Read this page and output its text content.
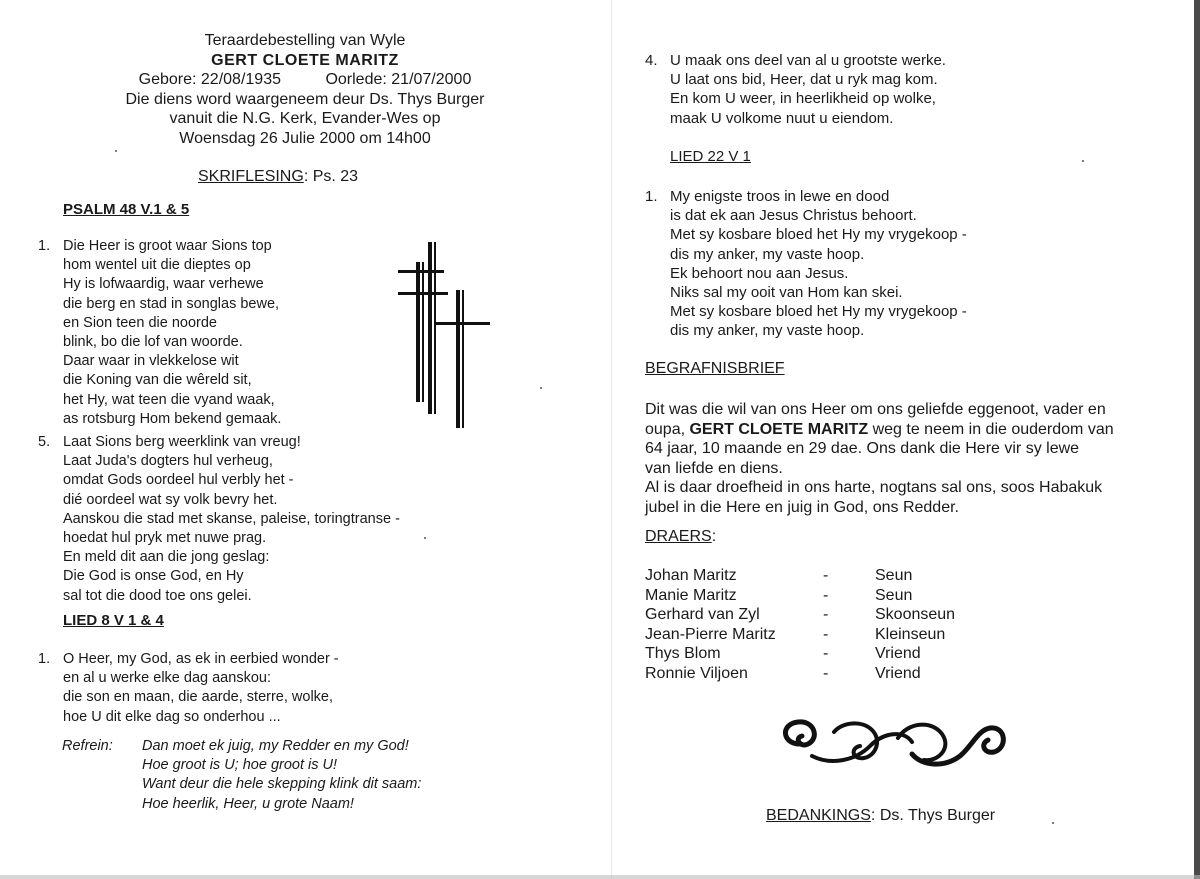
Teraardebestelling van Wyle
GERT CLOETE MARITZ
Gebore: 22/08/1935	Oorlede: 21/07/2000
Die diens word waargeneem deur Ds. Thys Burger
vanuit die N.G. Kerk, Evander-Wes op
Woensdag 26 Julie 2000 om 14h00
SKRIFLESING: Ps. 23
PSALM 48 V.1 & 5
1. Die Heer is groot waar Sions top
hom wentel uit die dieptes op
Hy is lofwaardig, waar verhewe
die berg en stad in songlas bewe,
en Sion teen die noorde
blink, bo die lof van woorde.
Daar waar in vlekkelose wit
die Koning van die wêreld sit,
het Hy, wat teen die vyand waak,
as rotsburg Hom bekend gemaak.
5. Laat Sions berg weerklink van vreug!
Laat Juda's dogters hul verheug,
omdat Gods oordeel hul verbly het -
dié oordeel wat sy volk bevry het.
Aanskou die stad met skanse, paleise, toringtranse -
hoedat hul pryk met nuwe prag.
En meld dit aan die jong geslag:
Die God is onse God, en Hy
sal tot die dood toe ons gelei.
LIED 8 V 1 & 4
1. O Heer, my God, as ek in eerbied wonder -
en al u werke elke dag aanskou:
die son en maan, die aarde, sterre, wolke,
hoe U dit elke dag so onderhou ...
Refrein: Dan moet ek juig, my Redder en my God!
Hoe groot is U; hoe groot is U!
Want deur die hele skepping klink dit saam:
Hoe heerlik, Heer, u grote Naam!
4. U maak ons deel van al u grootste werke.
U laat ons bid, Heer, dat u ryk mag kom.
En kom U weer, in heerlikheid op wolke,
maak U volkome nuut u eiendom.
LIED 22 V 1
1. My enigste troos in lewe en dood
is dat ek aan Jesus Christus behoort.
Met sy kosbare bloed het Hy my vrygekoop -
dis my anker, my vaste hoop.
Ek behoort nou aan Jesus.
Niks sal my ooit van Hom kan skei.
Met sy kosbare bloed het Hy my vrygekoop -
dis my anker, my vaste hoop.
BEGRAFNISBRIEF
Dit was die wil van ons Heer om ons geliefde eggenoot, vader en
oupa, GERT CLOETE MARITZ weg te neem in die ouderdom van
64 jaar, 10 maande en 29 dae. Ons dank die Here vir sy lewe
van liefde en diens.
Al is daar droefheid in ons harte, nogtans sal ons, soos Habakuk
jubel in die Here en juig in God, ons Redder.
DRAERS:
Johan Maritz	-	Seun
Manie Maritz	-	Seun
Gerhard van Zyl	-	Skoonseun
Jean-Pierre Maritz	-	Kleinseun
Thys Blom	-	Vriend
Ronnie Viljoen	-	Vriend
BEDANKINGS: Ds. Thys Burger
